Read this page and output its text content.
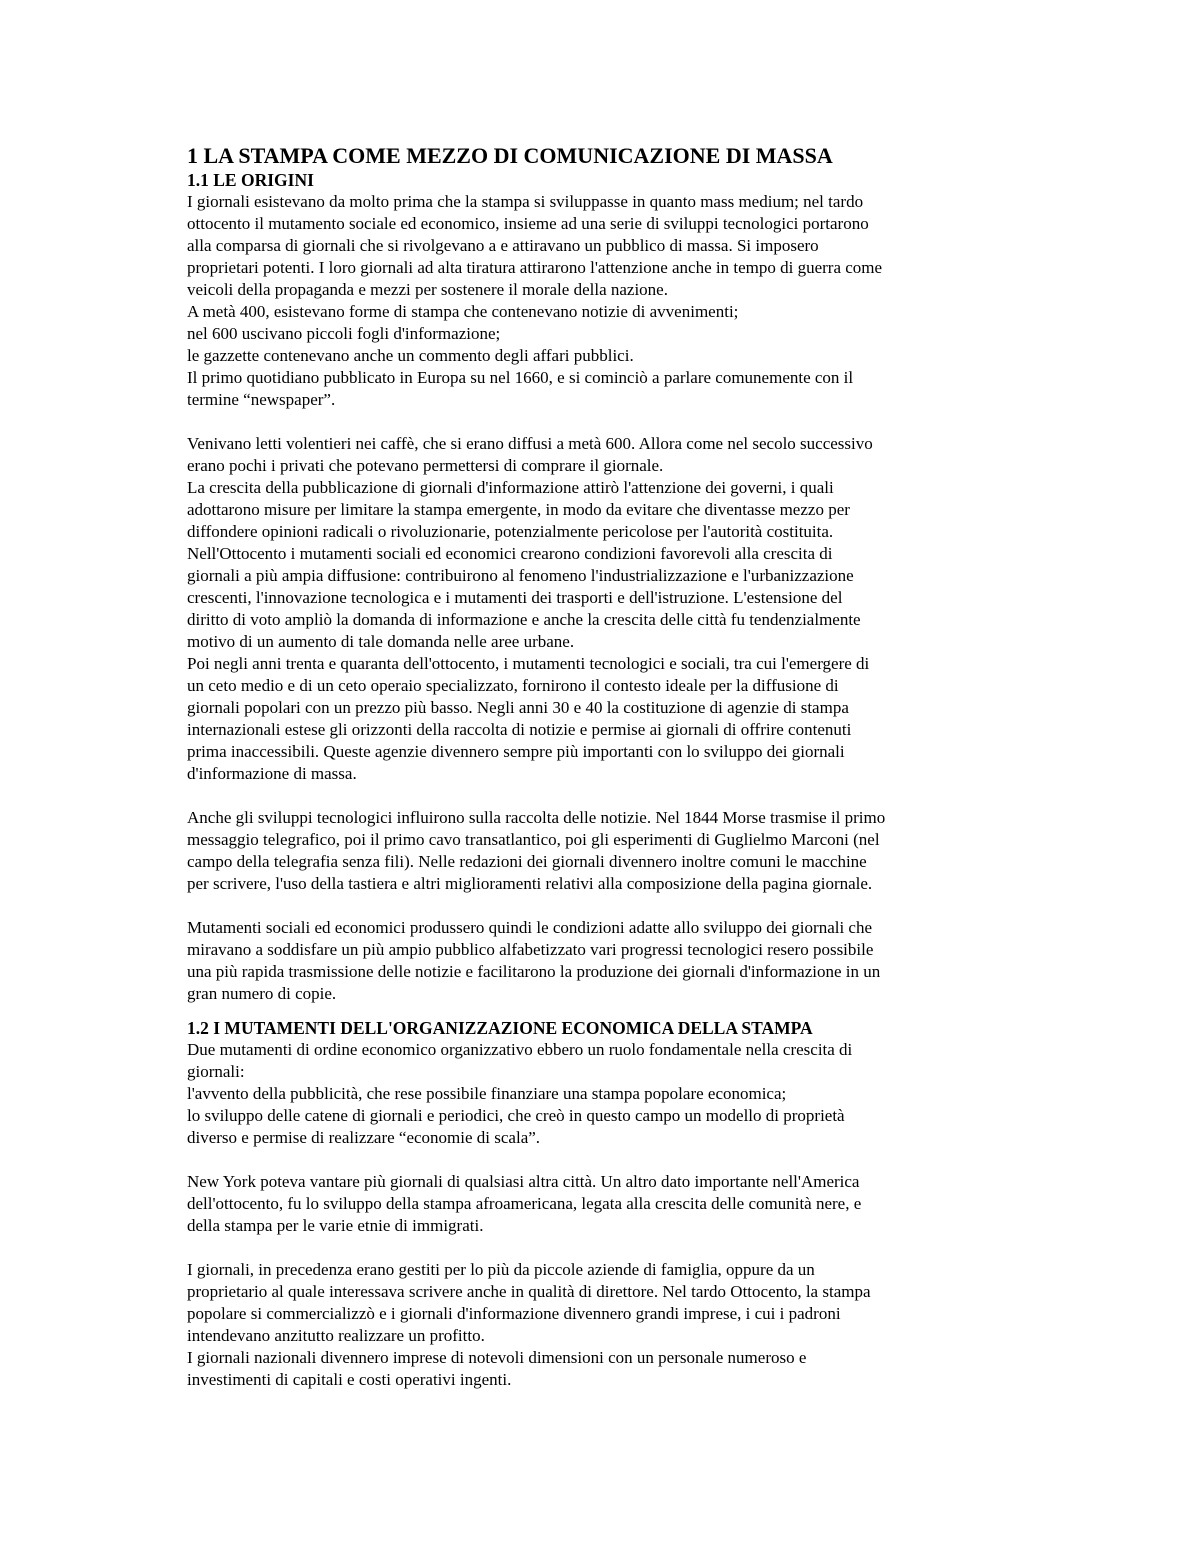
1 LA STAMPA COME MEZZO DI COMUNICAZIONE DI MASSA
1.1 LE ORIGINI
I giornali esistevano da molto prima che la stampa si sviluppasse in quanto mass medium; nel tardo
ottocento il mutamento sociale ed economico, insieme ad una serie di sviluppi tecnologici portarono
alla comparsa di giornali che si rivolgevano a e attiravano un pubblico di massa. Si imposero
proprietari potenti. I loro giornali ad alta tiratura attirarono l'attenzione anche in tempo di guerra come
veicoli della propaganda e mezzi per sostenere il morale della nazione.
A metà 400, esistevano forme di stampa che contenevano notizie di avvenimenti;
nel 600 uscivano piccoli fogli d'informazione;
le gazzette contenevano anche un commento degli affari pubblici.
Il primo quotidiano pubblicato in Europa su nel 1660, e si cominciò a parlare comunemente con il
termine “newspaper”.
Venivano letti volentieri nei caffè, che si erano diffusi a metà 600. Allora come nel secolo successivo
erano pochi i privati che potevano permettersi di comprare il giornale.
La crescita della pubblicazione di giornali d'informazione attirò l'attenzione dei governi, i quali
adottarono misure per limitare la stampa emergente, in modo da evitare che diventasse mezzo per
diffondere opinioni radicali o rivoluzionarie, potenzialmente pericolose per l'autorità costituita.
Nell'Ottocento i mutamenti sociali ed economici crearono condizioni favorevoli alla crescita di
giornali a più ampia diffusione: contribuirono al fenomeno l'industrializzazione e l'urbanizzazione
crescenti, l'innovazione tecnologica e i mutamenti dei trasporti e dell'istruzione. L'estensione del
diritto di voto ampliò la domanda di informazione e anche la crescita delle città fu tendenzialmente
motivo di un aumento di tale domanda nelle aree urbane.
Poi negli anni trenta e quaranta dell'ottocento, i mutamenti tecnologici e sociali, tra cui l'emergere di
un ceto medio e di un ceto operaio specializzato, fornirono il contesto ideale per la diffusione di
giornali popolari con un prezzo più basso. Negli anni 30 e 40 la costituzione di agenzie di stampa
internazionali estese gli orizzonti della raccolta di notizie e permise ai giornali di offrire contenuti
prima inaccessibili. Queste agenzie divennero sempre più importanti con lo sviluppo dei giornali
d'informazione di massa.
Anche gli sviluppi tecnologici influirono sulla raccolta delle notizie. Nel 1844 Morse trasmise il primo
messaggio telegrafico, poi il primo cavo transatlantico, poi gli esperimenti di Guglielmo Marconi (nel
campo della telegrafia senza fili). Nelle redazioni dei giornali divennero inoltre comuni le macchine
per scrivere, l'uso della tastiera e altri miglioramenti relativi alla composizione della pagina giornale.
Mutamenti sociali ed economici produssero quindi le condizioni adatte allo sviluppo dei giornali che
miravano a soddisfare un più ampio pubblico alfabetizzato vari progressi tecnologici resero possibile
una più rapida trasmissione delle notizie e facilitarono la produzione dei giornali d'informazione in un
gran numero di copie.
1.2 I MUTAMENTI DELL'ORGANIZZAZIONE ECONOMICA DELLA STAMPA
Due mutamenti di ordine economico organizzativo ebbero un ruolo fondamentale nella crescita di
giornali:
l'avvento della pubblicità, che rese possibile finanziare una stampa popolare economica;
lo sviluppo delle catene di giornali e periodici, che creò in questo campo un modello di proprietà
diverso e permise di realizzare “economie di scala”.
New York poteva vantare più giornali di qualsiasi altra città. Un altro dato importante nell'America
dell'ottocento, fu lo sviluppo della stampa afroamericana, legata alla crescita delle comunità nere, e
della stampa per le varie etnie di immigrati.
I giornali, in precedenza erano gestiti per lo più da piccole aziende di famiglia, oppure da un
proprietario al quale interessava scrivere anche in qualità di direttore. Nel tardo Ottocento, la stampa
popolare si commercializzò e i giornali d'informazione divennero grandi imprese, i cui i padroni
intendevano anzitutto realizzare un profitto.
I giornali nazionali divennero imprese di notevoli dimensioni con un personale numeroso e
investimenti di capitali e costi operativi ingenti.
